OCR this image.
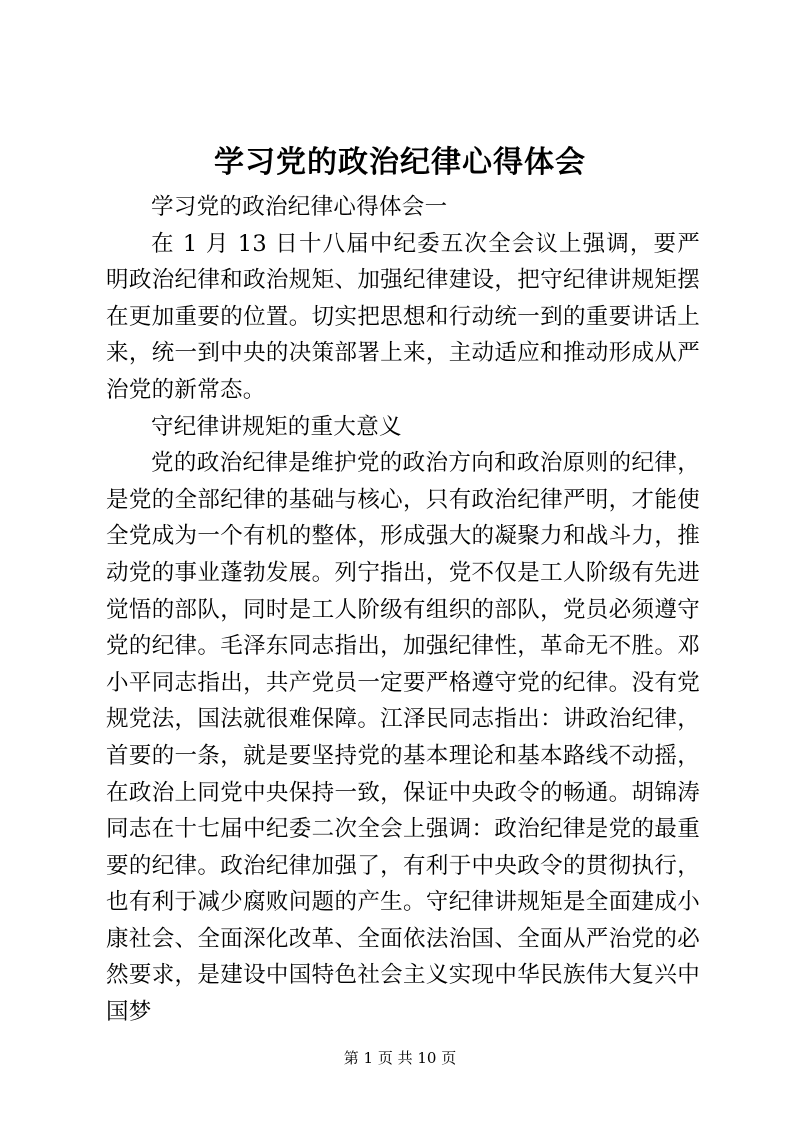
学习党的政治纪律心得体会

学习党的政治纪律心得体会一

在 1 月 13 日十八届中纪委五次全会议上强调，要严明政治纪律和政治规矩、加强纪律建设，把守纪律讲规矩摆在更加重要的位置。切实把思想和行动统一到的重要讲话上来，统一到中央的决策部署上来，主动适应和推动形成从严治党的新常态。

守纪律讲规矩的重大意义

党的政治纪律是维护党的政治方向和政治原则的纪律，是党的全部纪律的基础与核心，只有政治纪律严明，才能使全党成为一个有机的整体，形成强大的凝聚力和战斗力，推动党的事业蓬勃发展。列宁指出，党不仅是工人阶级有先进觉悟的部队，同时是工人阶级有组织的部队，党员必须遵守党的纪律。毛泽东同志指出，加强纪律性，革命无不胜。邓小平同志指出，共产党员一定要严格遵守党的纪律。没有党规党法，国法就很难保障。江泽民同志指出：讲政治纪律，首要的一条，就是要坚持党的基本理论和基本路线不动摇，在政治上同党中央保持一致，保证中央政令的畅通。胡锦涛同志在十七届中纪委二次全会上强调：政治纪律是党的最重要的纪律。政治纪律加强了，有利于中央政令的贯彻执行，也有利于减少腐败问题的产生。守纪律讲规矩是全面建成小康社会、全面深化改革、全面依法治国、全面从严治党的必然要求，是建设中国特色社会主义实现中华民族伟大复兴中国梦

第 1 页 共 10 页
